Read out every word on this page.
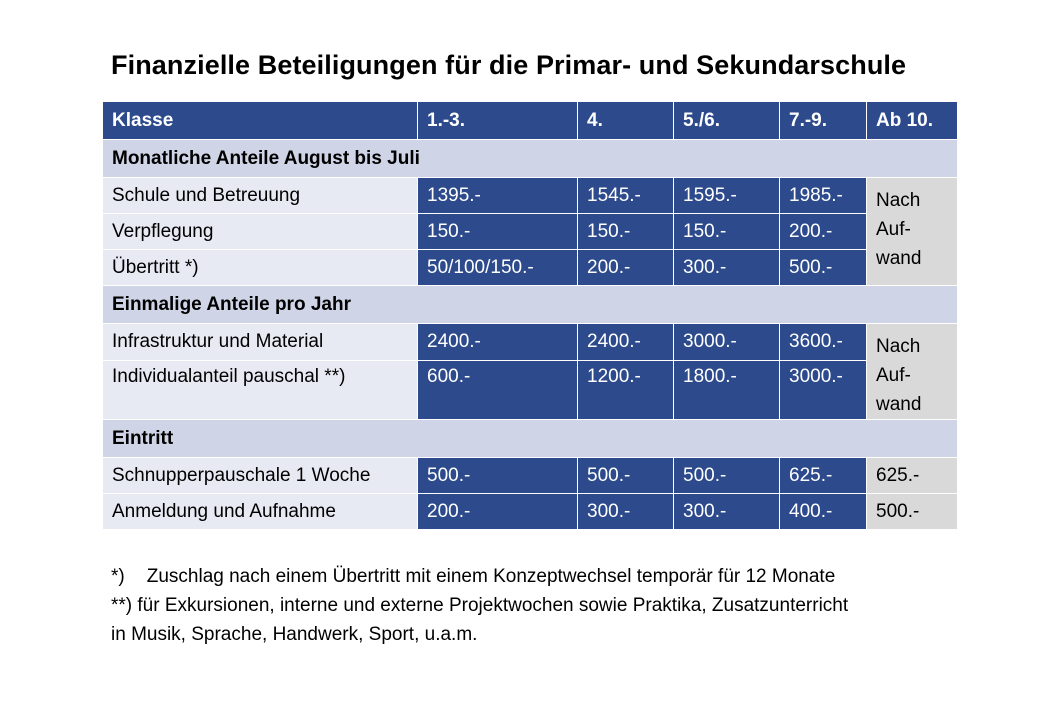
Finanzielle Beteiligungen für die Primar- und Sekundarschule
Klasse	1.-3.	4.	5./6.	7.-9.	Ab 10.
Monatliche Anteile August bis Juli					
Schule und Betreuung	1395.-	1545.-	1595.-	1985.-	Nach
Auf-
wand
Verpflegung	150.-	150.-	150.-	200.-	
Übertritt *)	50/100/150.-	200.-	300.-	500.-	
Einmalige Anteile pro Jahr					
Infrastruktur und Material	2400.-	2400.-	3000.-	3600.-	Nach
Auf-
wand
Individualanteil pauschal **)	600.-	1200.-	1800.-	3000.-	
Eintritt					
Schnupperpauschale 1 Woche	500.-	500.-	500.-	625.-	625.-
Anmeldung und Aufnahme	200.-	300.-	300.-	400.-	500.-
*) Zuschlag nach einem Übertritt mit einem Konzeptwechsel temporär für 12 Monate
**) für Exkursionen, interne und externe Projektwochen sowie Praktika, Zusatzunterricht
in Musik, Sprache, Handwerk, Sport, u.a.m.
